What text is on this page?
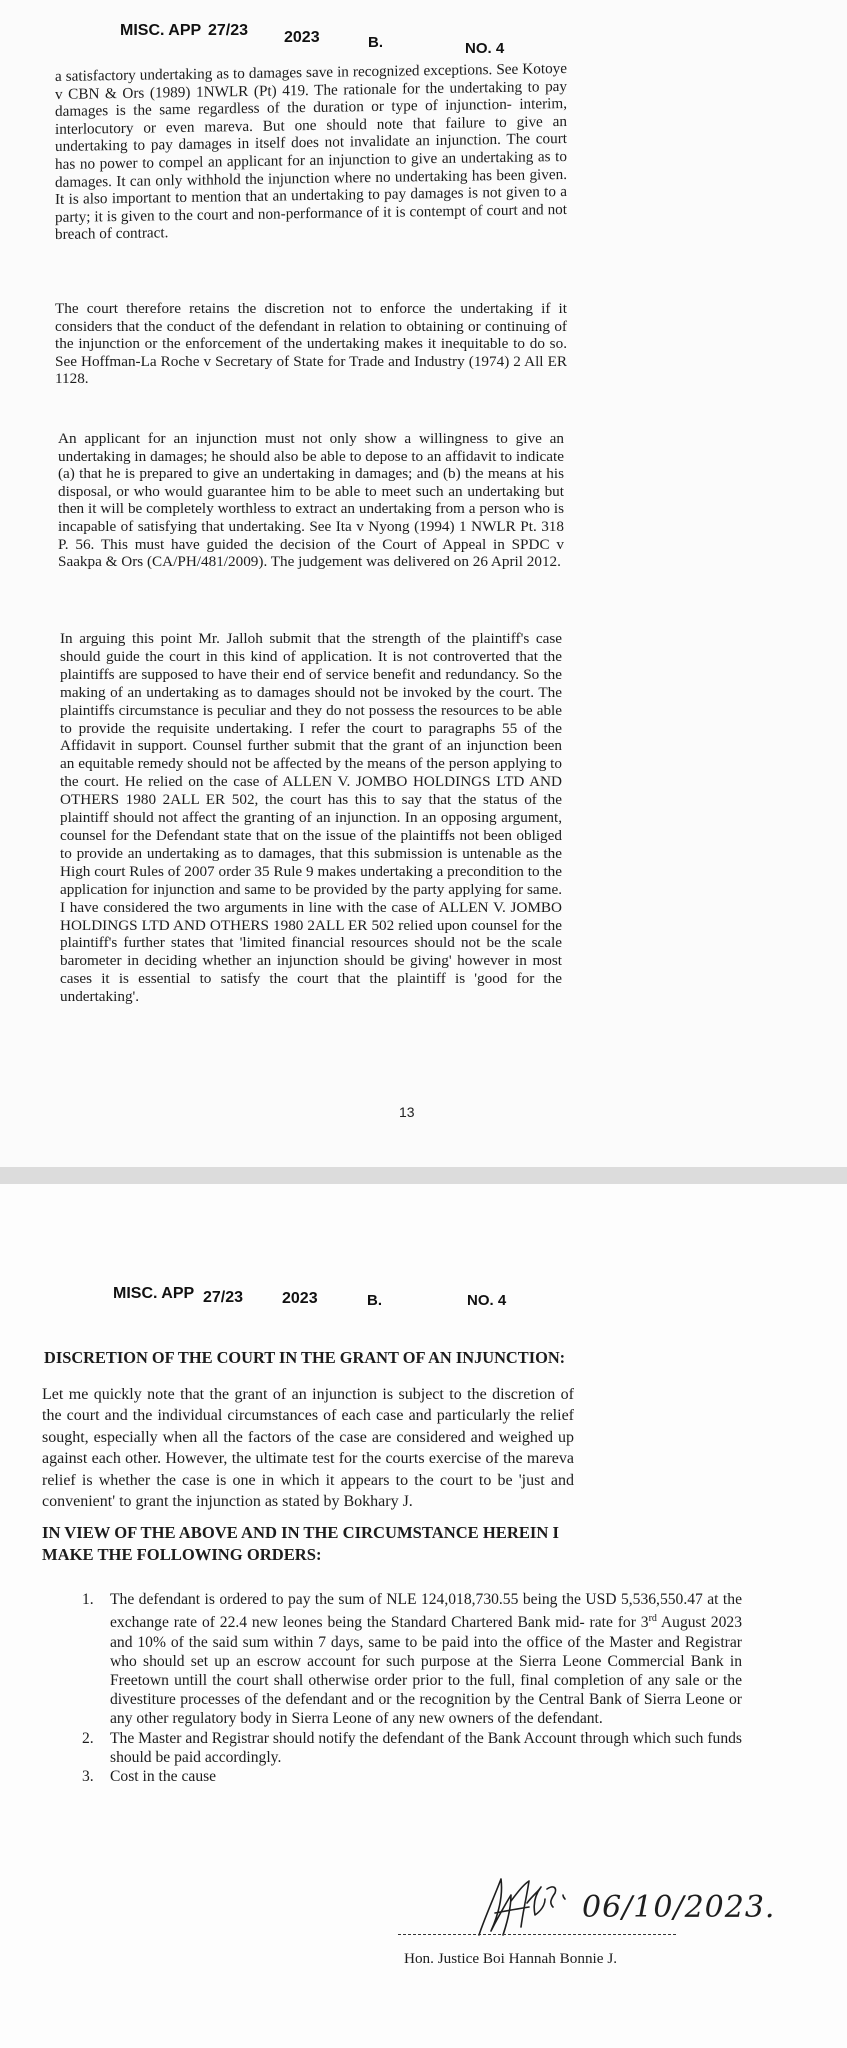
MISC. APP 27/23 2023	B.	NO. 4

a satisfactory undertaking as to damages save in recognized exceptions. See Kotoye v CBN & Ors (1989) 1NWLR (Pt) 419. The rationale for the undertaking to pay damages is the same regardless of the duration or type of injunction- interim, interlocutory or even mareva. But one should note that failure to give an undertaking to pay damages in itself does not invalidate an injunction. The court has no power to compel an applicant for an injunction to give an undertaking as to damages. It can only withhold the injunction where no undertaking has been given. It is also important to mention that an undertaking to pay damages is not given to a party; it is given to the court and non-performance of it is contempt of court and not breach of contract.

The court therefore retains the discretion not to enforce the undertaking if it considers that the conduct of the defendant in relation to obtaining or continuing of the injunction or the enforcement of the undertaking makes it inequitable to do so. See Hoffman-La Roche v Secretary of State for Trade and Industry (1974) 2 All ER 1128.

An applicant for an injunction must not only show a willingness to give an undertaking in damages; he should also be able to depose to an affidavit to indicate (a) that he is prepared to give an undertaking in damages; and (b) the means at his disposal, or who would guarantee him to be able to meet such an undertaking but then it will be completely worthless to extract an undertaking from a person who is incapable of satisfying that undertaking. See Ita v Nyong (1994) 1 NWLR Pt. 318 P. 56. This must have guided the decision of the Court of Appeal in SPDC v Saakpa & Ors (CA/PH/481/2009). The judgement was delivered on 26 April 2012.

In arguing this point Mr. Jalloh submit that the strength of the plaintiff's case should guide the court in this kind of application. It is not controverted that the plaintiffs are supposed to have their end of service benefit and redundancy. So the making of an undertaking as to damages should not be invoked by the court. The plaintiffs circumstance is peculiar and they do not possess the resources to be able to provide the requisite undertaking. I refer the court to paragraphs 55 of the Affidavit in support. Counsel further submit that the grant of an injunction been an equitable remedy should not be affected by the means of the person applying to the court. He relied on the case of ALLEN V. JOMBO HOLDINGS LTD AND OTHERS 1980 2ALL ER 502, the court has this to say that the status of the plaintiff should not affect the granting of an injunction. In an opposing argument, counsel for the Defendant state that on the issue of the plaintiffs not been obliged to provide an undertaking as to damages, that this submission is untenable as the High court Rules of 2007 order 35 Rule 9 makes undertaking a precondition to the application for injunction and same to be provided by the party applying for same. I have considered the two arguments in line with the case of ALLEN V. JOMBO HOLDINGS LTD AND OTHERS 1980 2ALL ER 502 relied upon counsel for the plaintiff's further states that 'limited financial resources should not be the scale barometer in deciding whether an injunction should be giving' however in most cases it is essential to satisfy the court that the plaintiff is 'good for the undertaking'.

13
MISC. APP 27/23 2023	B.	NO. 4
DISCRETION OF THE COURT IN THE GRANT OF AN INJUNCTION:

Let me quickly note that the grant of an injunction is subject to the discretion of the court and the individual circumstances of each case and particularly the relief sought, especially when all the factors of the case are considered and weighed up against each other. However, the ultimate test for the courts exercise of the mareva relief is whether the case is one in which it appears to the court to be 'just and convenient' to grant the injunction as stated by Bokhary J.

IN VIEW OF THE ABOVE AND IN THE CIRCUMSTANCE HEREIN I MAKE THE FOLLOWING ORDERS:

1. The defendant is ordered to pay the sum of NLE 124,018,730.55 being the USD 5,536,550.47 at the exchange rate of 22.4 new leones being the Standard Chartered Bank mid- rate for 3rd August 2023 and 10% of the said sum within 7 days, same to be paid into the office of the Master and Registrar who should set up an escrow account for such purpose at the Sierra Leone Commercial Bank in Freetown untill the court shall otherwise order prior to the full, final completion of any sale or the divestiture processes of the defendant and or the recognition by the Central Bank of Sierra Leone or any other regulatory body in Sierra Leone of any new owners of the defendant.
2. The Master and Registrar should notify the defendant of the Bank Account through which such funds should be paid accordingly.
3. Cost in the cause
06/10/2023.
Hon. Justice Boi Hannah Bonnie J.
